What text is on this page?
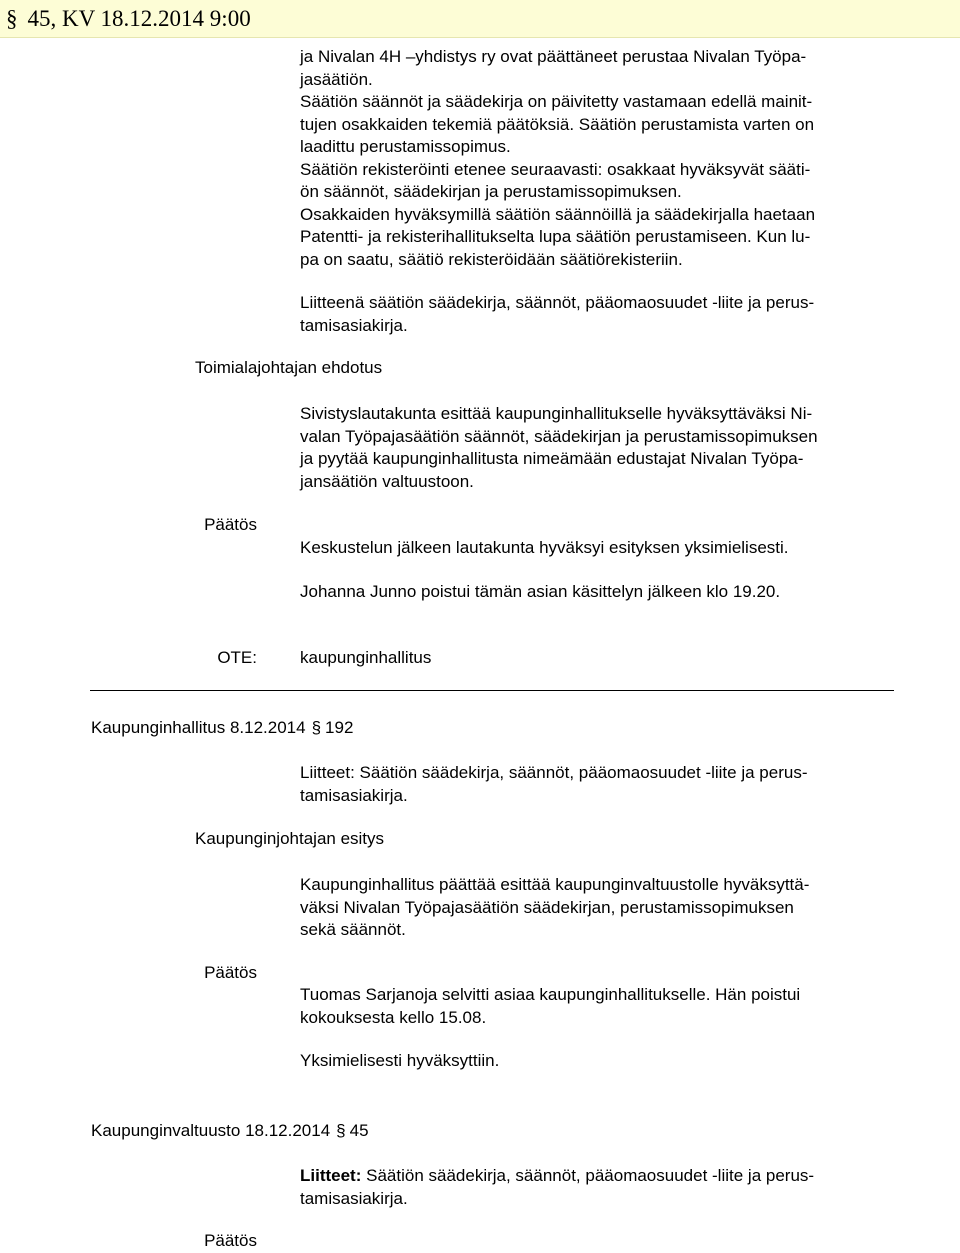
§ 45, KV 18.12.2014 9:00

ja Nivalan 4H –yhdistys ry ovat päättäneet perustaa Nivalan Työpa-

jasäätiön.

Säätiön säännöt ja säädekirja on päivitetty vastamaan edellä mainit-

tujen osakkaiden tekemiä päätöksiä. Säätiön perustamista varten on

laadittu perustamissopimus.

Säätiön rekisteröinti etenee seuraavasti: osakkaat hyväksyvät sääti-

ön säännöt, säädekirjan ja perustamissopimuksen.

Osakkaiden hyväksymillä säätiön säännöillä ja säädekirjalla haetaan

Patentti- ja rekisterihallitukselta lupa säätiön perustamiseen. Kun lu-

pa on saatu, säätiö rekisteröidään säätiörekisteriin.

Liitteenä säätiön säädekirja, säännöt, pääomaosuudet -liite ja perus-

tamisasiakirja.

Toimialajohtajan ehdotus

Sivistyslautakunta esittää kaupunginhallitukselle hyväksyttäväksi Ni-

valan Työpajasäätiön säännöt, säädekirjan ja perustamissopimuksen

ja pyytää kaupunginhallitusta nimeämään edustajat Nivalan Työpa-

jansäätiön valtuustoon.

Päätös

Keskustelun jälkeen lautakunta hyväksyi esityksen yksimielisesti.

Johanna Junno poistui tämän asian käsittelyn jälkeen klo 19.20.

OTE:	kaupunginhallitus

Kaupunginhallitus 8.12.2014 § 192

Liitteet: Säätiön säädekirja, säännöt, pääomaosuudet -liite ja perus-

tamisasiakirja.

Kaupunginjohtajan esitys

Kaupunginhallitus päättää esittää kaupunginvaltuustolle hyväksyttä-

väksi Nivalan Työpajasäätiön säädekirjan, perustamissopimuksen

sekä säännöt.

Päätös

Tuomas Sarjanoja selvitti asiaa kaupunginhallitukselle. Hän poistui

kokouksesta kello 15.08.

Yksimielisesti hyväksyttiin.

Kaupunginvaltuusto 18.12.2014 § 45

Liitteet: Säätiön säädekirja, säännöt, pääomaosuudet -liite ja perus-

tamisasiakirja.

Päätös
